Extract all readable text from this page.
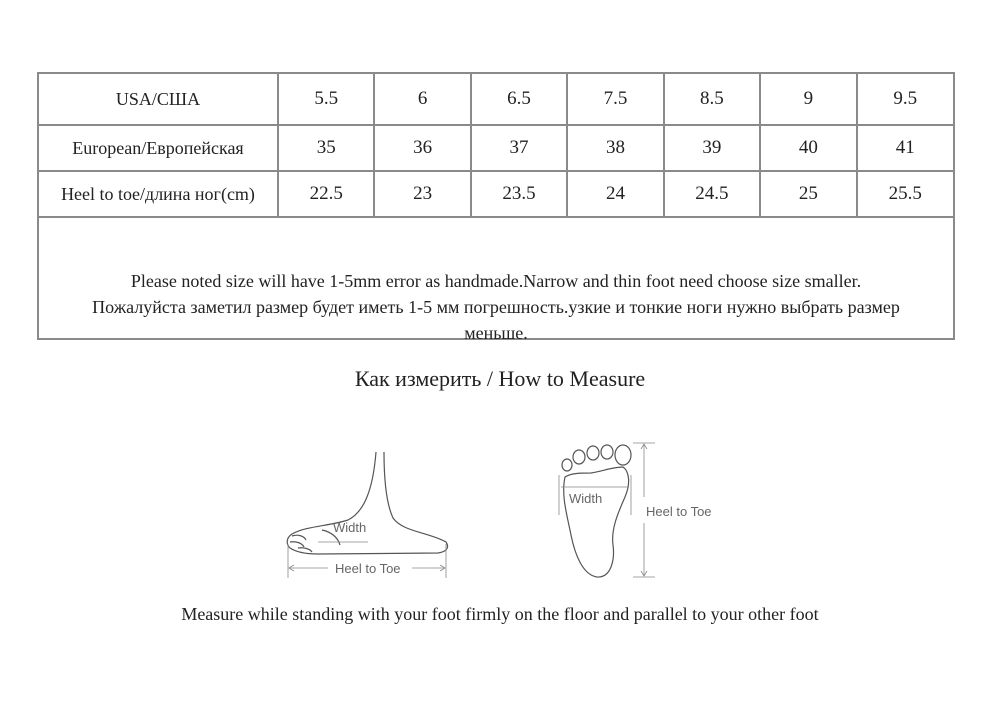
USA/США	5.5	6	6.5	7.5	8.5	9	9.5
European/Европейская	35	36	37	38	39	40	41
Heel to toe/длина ног(cm)	22.5	23	23.5	24	24.5	25	25.5
Please noted size will have 1-5mm error as handmade.Narrow and thin foot need choose size smaller.
Пожалуйста заметил размер будет иметь 1-5 мм погрешность.узкие и тонкие ноги нужно выбрать размер
меньше.
Как измерить / How to Measure
Width
Heel to Toe
Width
Heel to Toe
Measure while standing with your foot firmly on the floor and parallel to your other foot
